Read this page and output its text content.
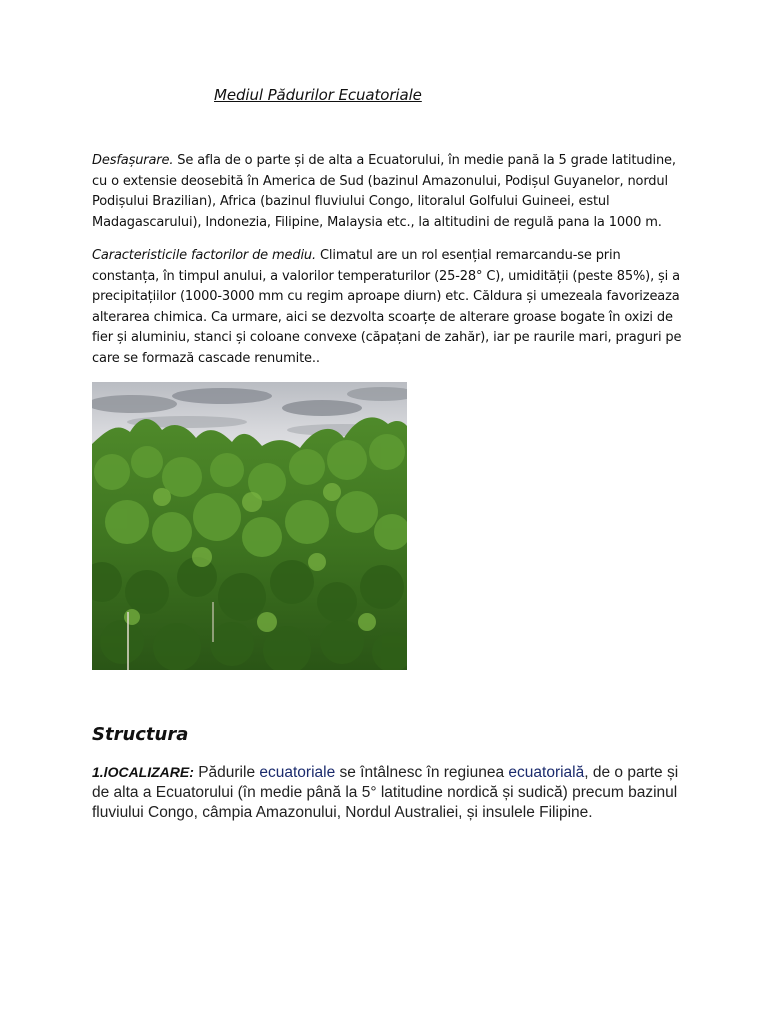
Mediul Pădurilor Ecuatoriale
Desfașurare. Se afla de o parte și de alta a Ecuatorului, în medie pană la 5 grade latitudine, cu o extensie deosebită în America de Sud (bazinul Amazonului, Podișul Guyanelor, nordul Podișului Brazilian), Africa (bazinul fluviului Congo, litoralul Golfului Guineei, estul Madagascarului), Indonezia, Filipine, Malaysia etc., la altitudini de regulă pana la 1000 m.
Caracteristicile factorilor de mediu. Climatul are un rol esențial remarcandu-se prin constanța, în timpul anului, a valorilor temperaturilor (25-28° C), umidității (peste 85%), și a precipitațiilor (1000-3000 mm cu regim aproape diurn) etc. Căldura și umezeala favorizeaza alterarea chimica. Ca urmare, aici se dezvolta scoarțe de alterare groase bogate în oxizi de fier și aluminiu, stanci și coloane convexe (căpațani de zahăr), iar pe raurile mari, praguri pe care se formază cascade renumite..
Structura
1.lOCALIZARE: Pădurile ecuatoriale se întâlnesc în regiunea ecuatorială, de o parte și de alta a Ecuatorului (în medie până la 5° latitudine nordică și sudică) precum bazinul fluviului Congo, câmpia Amazonului, Nordul Australiei, și insulele Filipine.
